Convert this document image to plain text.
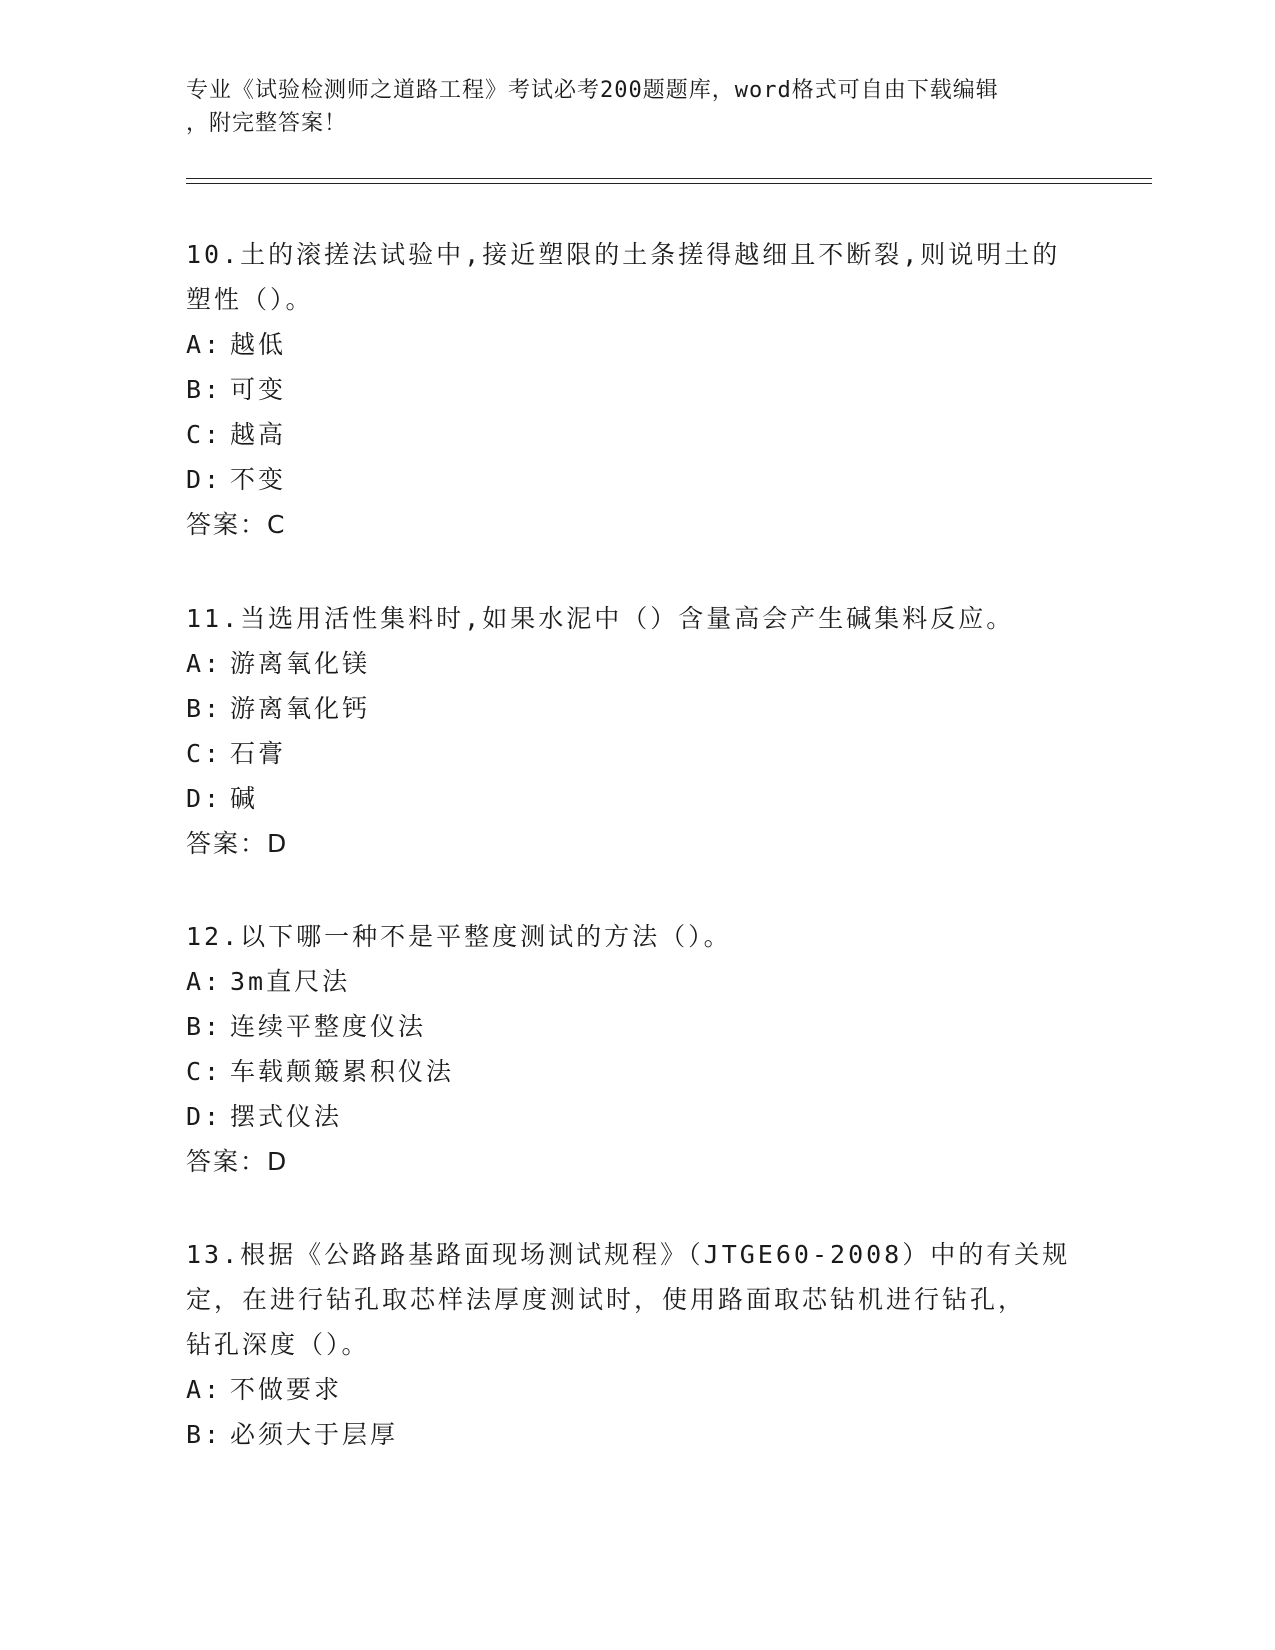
专业《试验检测师之道路工程》考试必考200题题库，word格式可自由下载编辑
，附完整答案！

10.土的滚搓法试验中,接近塑限的土条搓得越细且不断裂,则说明土的

塑性（）。

A: 越低

B: 可变

C: 越高

D: 不变

答案：C

11.当选用活性集料时,如果水泥中（）含量高会产生碱集料反应。

A: 游离氧化镁

B: 游离氧化钙

C: 石膏

D: 碱

答案：D

12.以下哪一种不是平整度测试的方法（）。

A: 3m直尺法

B: 连续平整度仪法

C: 车载颠簸累积仪法

D: 摆式仪法

答案：D

13.根据《公路路基路面现场测试规程》（JTGE60-2008）中的有关规

定，在进行钻孔取芯样法厚度测试时，使用路面取芯钻机进行钻孔，

钻孔深度（）。

A: 不做要求

B: 必须大于层厚
